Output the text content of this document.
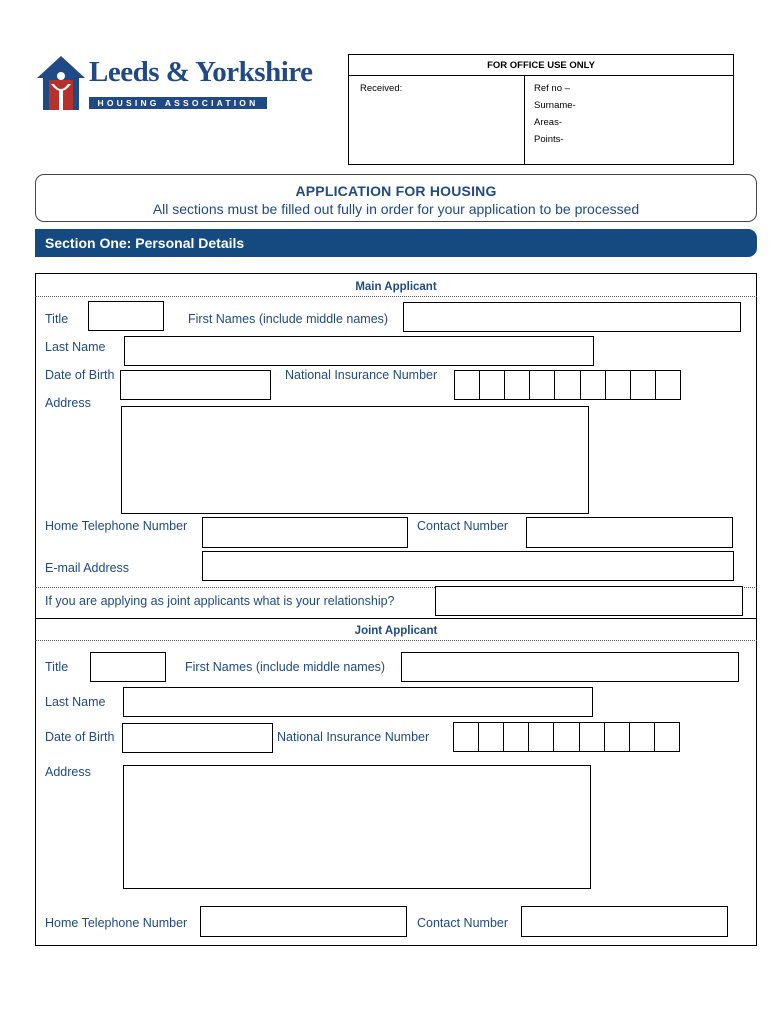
Leeds & Yorkshire
HOUSING ASSOCIATION
FOR OFFICE USE ONLY
Received:	Ref no –
Surname-
Areas-
Points-
APPLICATION FOR HOUSING
All sections must be filled out fully in order for your application to be processed
Section One: Personal Details
Main Applicant
Title	First Names (include middle names)
Last Name
Date of Birth	National Insurance Number
Address
Home Telephone Number	Contact Number
E-mail Address
If you are applying as joint applicants what is your relationship?
Joint Applicant
Title	First Names (include middle names)
Last Name
Date of Birth	National Insurance Number
Address
Home Telephone Number	Contact Number
